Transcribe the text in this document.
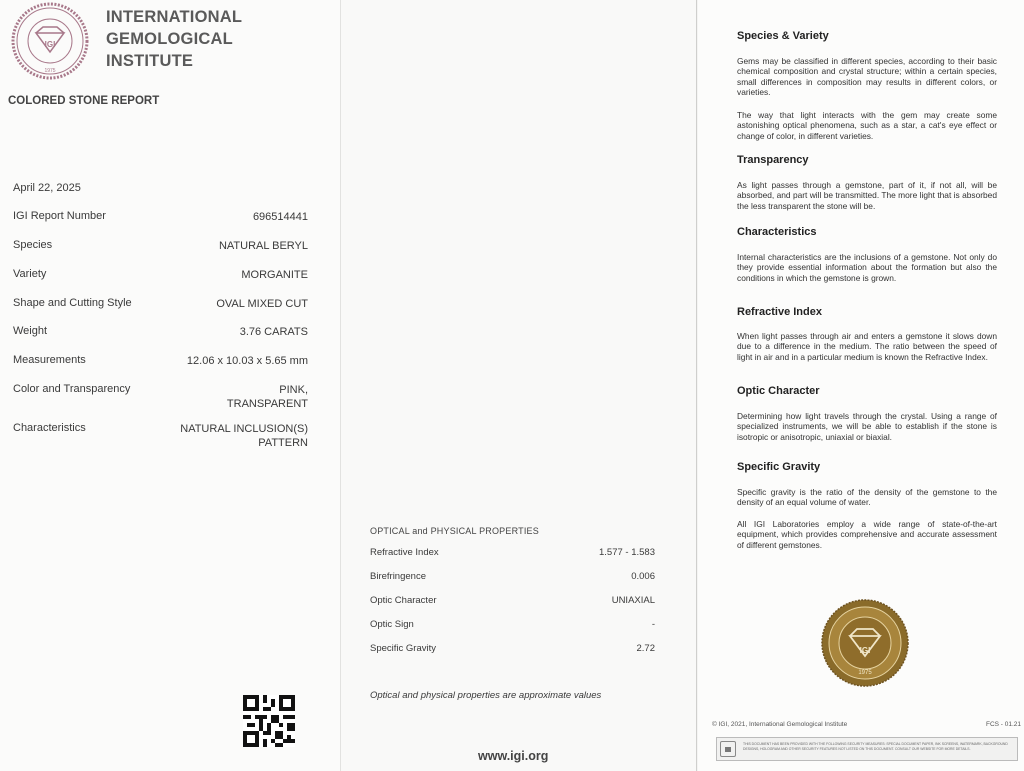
IGI
1975
INTERNATIONAL
GEMOLOGICAL
INSTITUTE
COLORED STONE REPORT
April 22, 2025
IGI Report Number	696514441
Species	NATURAL BERYL
Variety	MORGANITE
Shape and Cutting Style	OVAL MIXED CUT
Weight	3.76 CARATS
Measurements	12.06 x 10.03 x 5.65 mm
Color and Transparency	PINK,
TRANSPARENT
Characteristics	NATURAL INCLUSION(S)
PATTERN
OPTICAL and PHYSICAL PROPERTIES
Refractive Index	1.577 - 1.583
Birefringence	0.006
Optic Character	UNIAXIAL
Optic Sign	-
Specific Gravity	2.72
Optical and physical properties are approximate values
www.igi.org
Species & Variety
Gems may be classified in different species, according to their basic chemical composition and crystal structure; within a certain species, small differences in composition may results in different colors, or varieties.
The way that light interacts with the gem may create some astonishing optical phenomena, such as a star, a cat's eye effect or change of color, in different varieties.
Transparency
As light passes through a gemstone, part of it, if not all, will be absorbed, and part will be transmitted. The more light that is absorbed the less transparent the stone will be.
Characteristics
Internal characteristics are the inclusions of a gemstone. Not only do they provide essential information about the formation but also the conditions in which the gemstone is grown.
Refractive Index
When light passes through air and enters a gemstone it slows down due to a difference in the medium. The ratio between the speed of light in air and in a particular medium is known the Refractive Index.
Optic Character
Determining how light travels through the crystal. Using a range of specialized instruments, we will be able to establish if the stone is isotropic or anisotropic, uniaxial or biaxial.
Specific Gravity
Specific gravity is the ratio of the density of the gemstone to the density of an equal volume of water.
All IGI Laboratories employ a wide range of state-of-the-art equipment, which provides comprehensive and accurate assessment of different gemstones.
IGI
1975
© IGI, 2021, International Gemological Institute	FCS - 01.21
THIS DOCUMENT HAS BEEN PROVIDED WITH THE FOLLOWING SECURITY MEASURES: SPECIAL DOCUMENT PAPER, INK SCREENS, WATERMARK, BACKGROUND DESIGNS, HOLOGRAM AND OTHER SECURITY FEATURES NOT LISTED ON THIS DOCUMENT. CONSULT OUR WEBSITE FOR MORE DETAILS.
